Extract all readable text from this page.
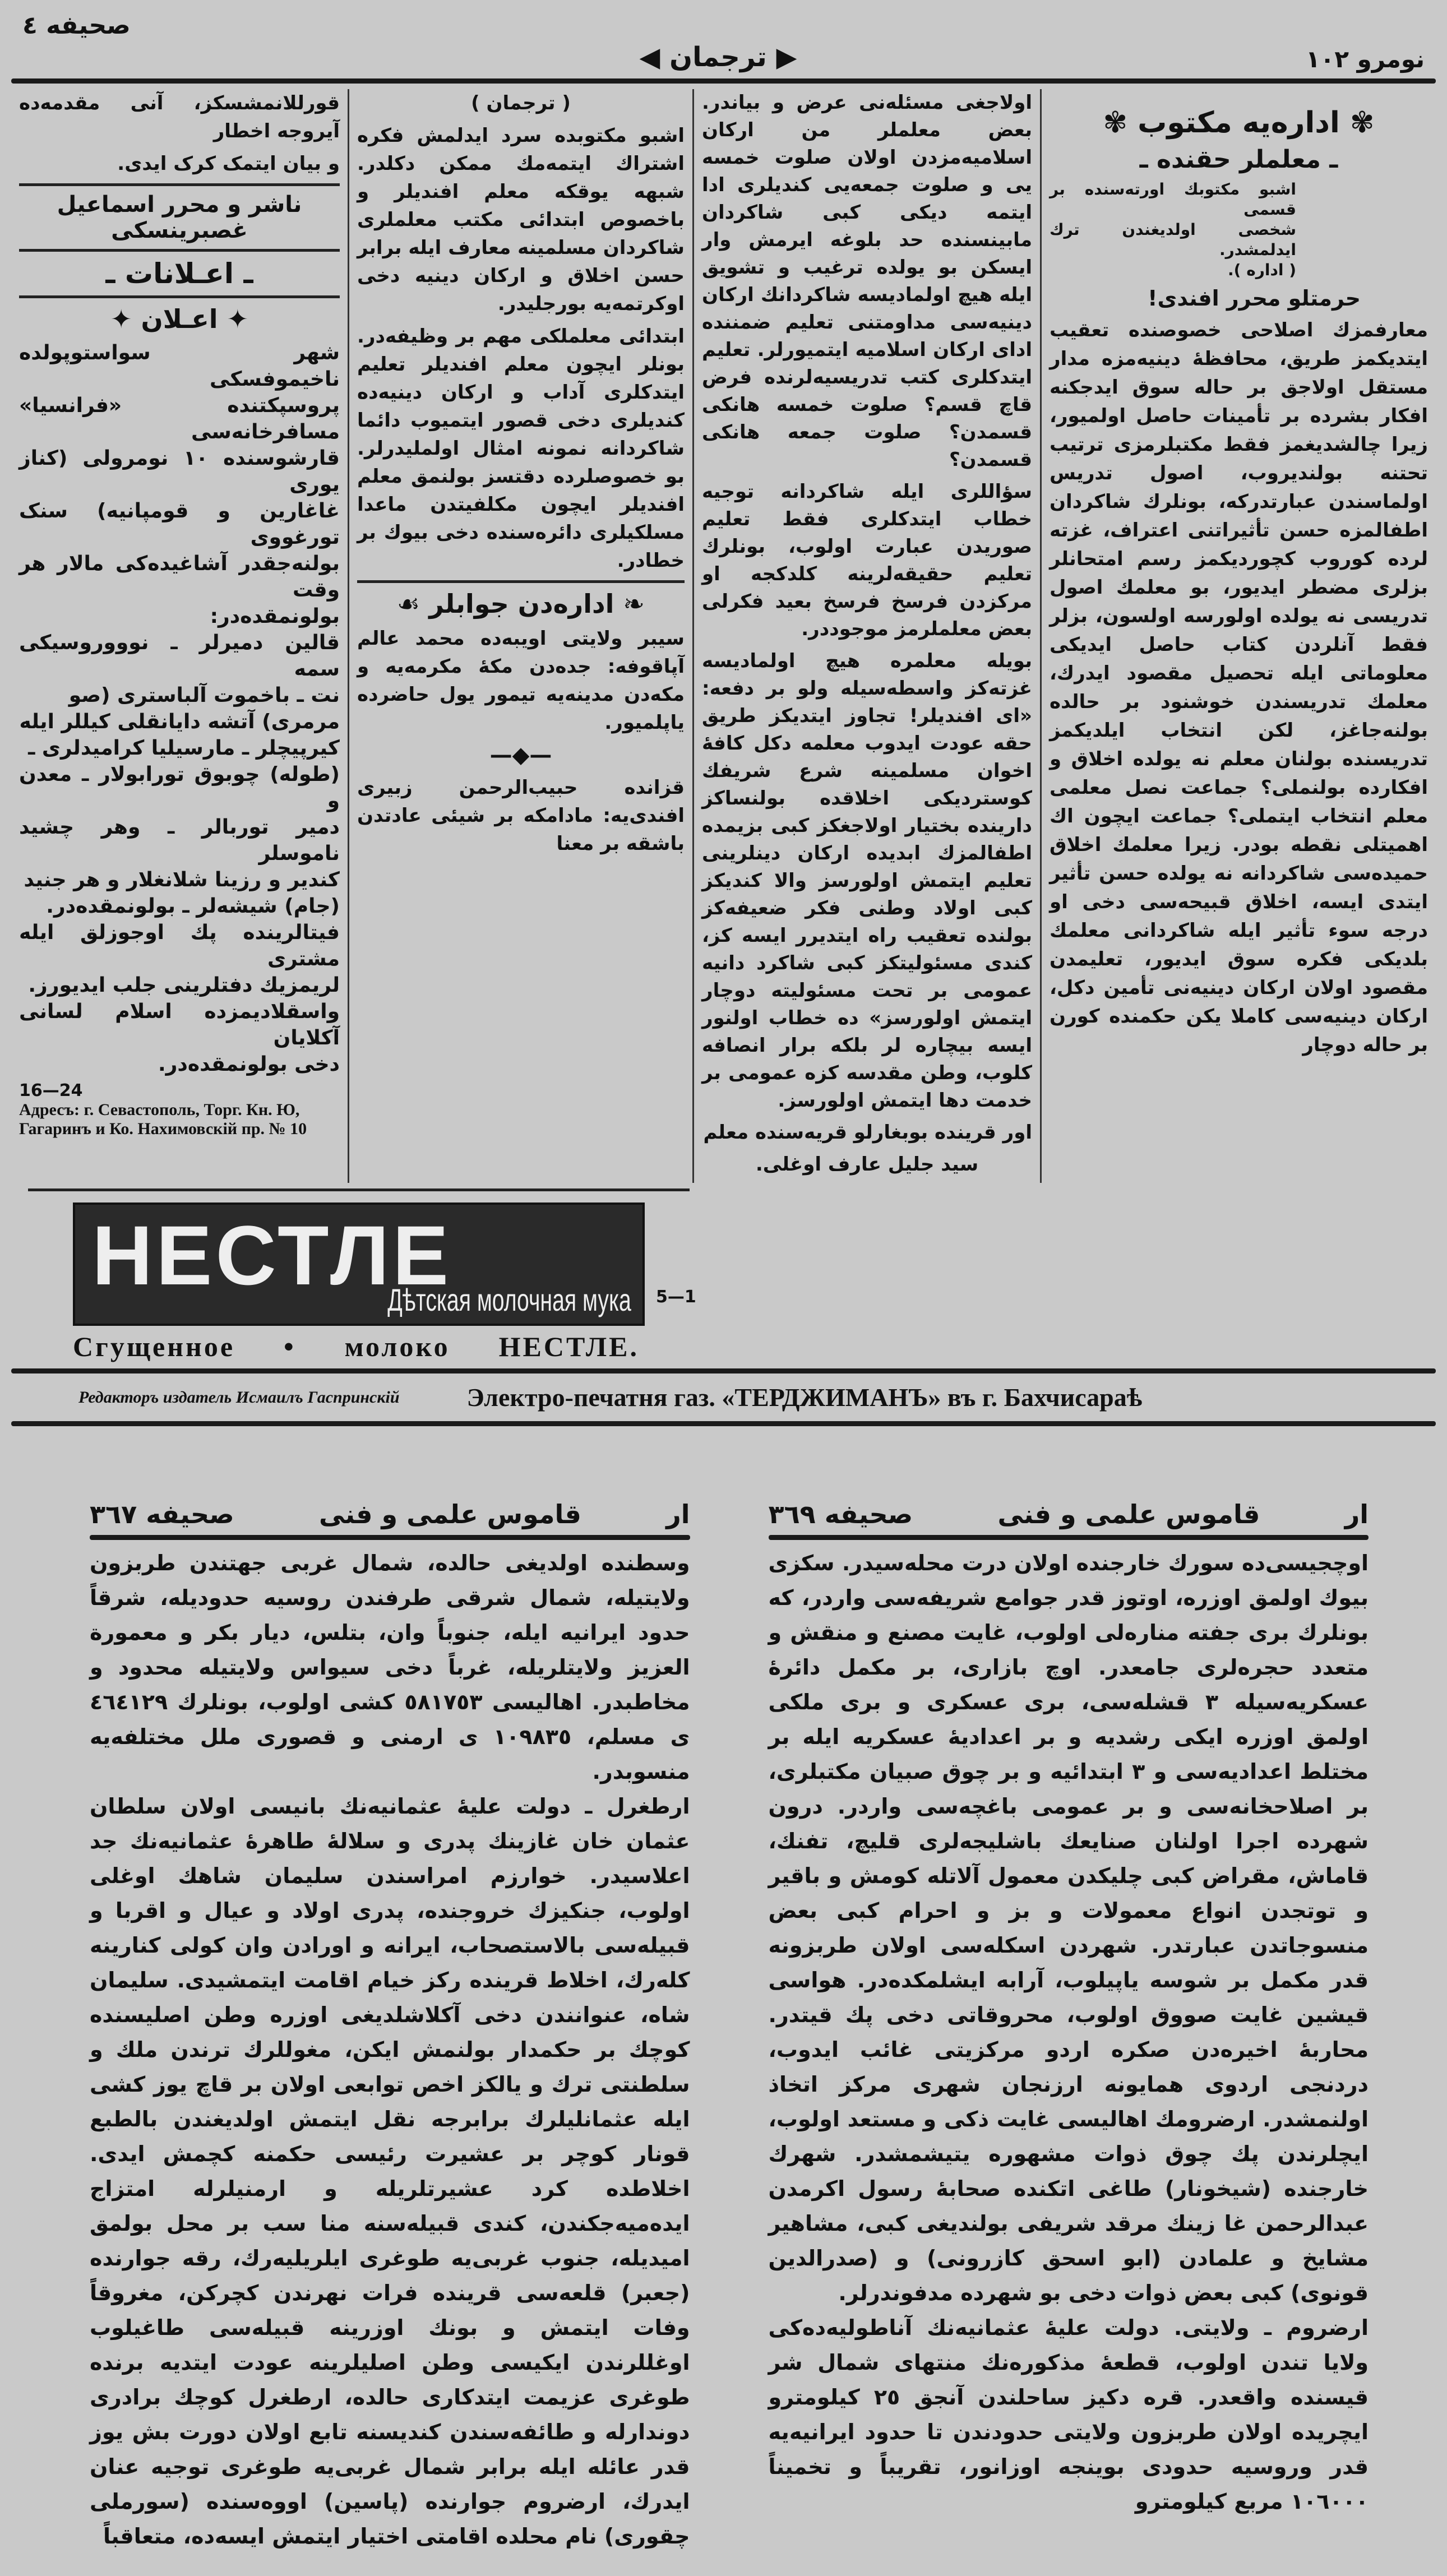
صحيفه ٤
◀ ترجمان ▶	نومرو ١٠٢

قورللانمشسکز، آنی مقدمه‌ده آیروجه اخطار

و بیان ایتمک کرک ایدی.

ناشر و محرر اسماعیل غصبرینسکی
ـ اعـلانات ـ
✦ اعـلان ✦

شهر سواستوپولده ناخیموفسکی

پروسپکتنده «فرانسیا» مسافرخانه‌سی

قارشوسنده ١٠ نومرولی (کناز یوری

غاغارین و قومپانیه) سنک تورغووی

بولنه‌جقدر آشاغیده‌کی مالار هر وقت

بولونمقده‌در:

قالین دمیرلر ـ نوووروسیکی سمه

نت ـ باخموت آلباستری (صو

مرمری) آتشه دایانقلی کیللر ایله

کیرپیچلر ـ مارسیلیا کرامیدلری ـ

(طوله) چوبوق تورابولار ـ معدن و

دمیر توربالر ـ وهر چشید ناموسلر

کندیر و رزینا شلانغلار و هر جنید

(جام) شیشه‌لر ـ بولونمقده‌در.

فیتالرینده پك اوجوزلق ایله مشتری

لریمزیك دفتلرینی جلب ایدیورز.

واسقلادیمزده اسلام لسانی آکلایان

دخی بولونمقده‌در.

16—24
Адресъ: г. Севастополь, Торг. Кн. Ю,
Гагаринъ и Ко. Нахимовскій пр. № 10

( ترجمان )

اشبو مکتوبده سرد ایدلمش فکره اشتراك ایتمه‌مك ممکن دکلدر. شبهه یوقکه معلم افندیلر و باخصوص ابتدائی مکتب معلملری شاکردان مسلمینه معارف ایله برابر حسن اخلاق و ارکان دینیه دخی اوکرتمه‌یه بورجلیدر.

ابتدائی معلملکی مهم بر وظیفه‌در. بونلر ایچون معلم افندیلر تعلیم ایتدکلری آداب و ارکان دینیه‌ده کندیلری دخی قصور ایتمیوب دائما شاکردانه نمونه امثال اولملیدرلر. بو خصوصلرده دقتسز بولنمق معلم افندیلر ایچون مکلفیتدن ماعدا مسلکیلری دائره‌سنده دخی بیوك بر خطادر.

❧ اداره‌دن جوابلر ☙

سیبر ولایتی اویبه‌ده محمد عالم آپاقوفه: جده‌دن مکهٔ مکرمه‌یه و مکه‌دن مدینه‌یه تیمور یول حاضرده یاپلمیور.

—◆—

قزانده حبیب‌الرحمن زبیری افندی‌یه: مادامکه بر شیئی عادتدن باشقه بر معنا

اولاجغی مسئله‌نی عرض و بیاندر. بعض معلملر من ارکان اسلامیه‌مزدن اولان صلوت خمسه یی و صلوت جمعه‌یی کندیلری ادا ایتمه دیکی کبی شاکردان مابینسنده حد بلوغه ایرمش وار ایسکن بو یولده ترغیب و تشویق ایله هیچ اولمادیسه شاکردانك ارکان دینیه‌سی مداومتنی تعلیم ضمننده ادای ارکان اسلامیه ایتمیورلر. تعلیم ایتدکلری کتب تدریسیه‌لرنده فرض قاچ قسم؟ صلوت خمسه هانکی قسمدن؟ صلوت جمعه هانکی قسمدن؟

سؤاللری ایله شاکردانه توجیه خطاب ایتدکلری فقط تعلیم صوریدن عبارت اولوب، بونلرك تعلیم حقیقه‌لرینه کلدکجه او مرکزدن فرسخ فرسخ بعید فکرلی بعض معلملرمز موجوددر.

بویله معلمره هیچ اولمادیسه غزته‌کز واسطه‌سیله ولو بر دفعه: «ای افندیلر! تجاوز ایتدیکز طریق حقه عودت ایدوب معلمه دکل کافهٔ اخوان مسلمینه شرع شریفك کوستردیکی اخلاقده بولنساکز دارینده بختیار اولاجغکز کبی بزیمده اطفالمزك ابدیده ارکان دینلرینی تعلیم ایتمش اولورسز والا کندیکز کبی اولاد وطنی فکر ضعیفه‌کز بولنده تعقیب راه ایتدیرر ایسه کز، کندی مسئولیتکز کبی شاکرد دانیه عمومی بر تحت مسئولیته دوچار ایتمش اولورسز» ده خطاب اولنور ایسه بیچاره لر بلکه برار انصافه کلوب، وطن مقدسه کزه عمومی بر خدمت دها ایتمش اولورسز.

اور قرینده بوبغارلو قریه‌سنده معلم

سید جلیل عارف اوغلی.

✾ اداره‌یه مکتوب ✾
ـ معلملر حقنده ـ

اشبو مکتوبك اورته‌سنده بر قسمی

شخصی اولدیغندن ترك ایدلمشدر.

( اداره ).

حرمتلو محرر افندی!

معارفمزك اصلاحی خصوصنده تعقیب ایتدیکمز طریق، محافظهٔ دینیه‌مزه مدار مستقل اولاجق بر حاله سوق ایدجکنه افکار بشرده بر تأمینات حاصل اولمیور، زیرا چالشدیغمز فقط مکتبلرمزی ترتیب تحتنه بولندیروب، اصول تدریس اولماسندن عبارتدرکه، بونلرك شاکردان اطفالمزه حسن تأثیراتنی اعتراف، غزته لرده کوروب کچوردیکمز رسم امتحانلر بزلری مضطر ایدیور، بو معلمك اصول تدریسی نه یولده اولورسه اولسون، بزلر فقط آنلردن کتاب حاصل ایدیکی معلوماتی ایله تحصیل مقصود ایدرك، معلمك تدریسندن خوشنود بر حالده بولنه‌جاغز، لکن انتخاب ایلدیکمز تدریسنده بولنان معلم نه یولده اخلاق و افکارده بولنملی؟ جماعت نصل معلمی معلم انتخاب ایتملی؟ جماعت ایچون اك اهمیتلی نقطه بودر. زیرا معلمك اخلاق حمیده‌سی شاکردانه نه یولده حسن تأثیر ایتدی ایسه، اخلاق قبیحه‌سی دخی او درجه سوء تأثیر ایله شاکردانی معلمك بلدیکی فکره سوق ایدیور، تعلیمدن مقصود اولان ارکان دینیه‌نی تأمین دکل، ارکان دینیه‌سی کاملا یکن حکمنده کورن بر حاله دوچار

НЕСТЛЕ
Дѣтская молочная мука
Сгущенное • молоко НЕСТЛЕ.
5—1
Редакторъ издатель Исмаилъ Гаспринскій	Электро-печатня газ. «ТЕРДЖИМАНЪ» въ г. Бахчисараѣ
ار
قاموس علمی و فنی
صحیفه ٣٦٧

وسطنده اولدیغی حالده، شمال غربی جهتندن طربزون ولایتیله، شمال شرقی طرفندن روسیه حدودیله، شرقاً حدود ایرانیه ایله، جنوباً وان، بتلس، دیار بکر و معمورة العزیز ولایتلریله، غرباً دخی سیواس ولایتیله محدود و مخاطبدر. اهالیسی ٥٨١٧٥٣ کشی اولوب، بونلرك ٤٦٤١٢٩ ی مسلم، ١٠٩٨٣٥ ی ارمنی و قصوری ملل مختلفه‌یه منسوبدر.

ارطغرل ـ دولت علیهٔ عثمانیه‌نك بانیسی اولان سلطان عثمان خان غازینك پدری و سلالهٔ طاهرهٔ عثمانیه‌نك جد اعلاسیدر. خوارزم امراسندن سلیمان شاهك اوغلی اولوب، جنکیزك خروجنده، پدری اولاد و عیال و اقربا و قبیله‌سی بالاستصحاب، ایرانه و اورادن وان کولی کنارینه کلەرك، اخلاط قرینده ركز خیام اقامت ایتمشیدی. سلیمان شاه، عنوانندن دخی آکلاشلدیغی اوزره وطن اصلیسنده کوچك بر حکمدار بولنمش ایکن، مغوللرك ترندن ملك و سلطنتی ترك و یالکز اخص توابعی اولان بر قاچ یوز کشی ایله عثمانلیلرك برابرجه نقل ایتمش اولدیغندن بالطبع قونار کوچر بر عشیرت رئیسی حکمنه کچمش ایدی. اخلاطده کرد عشیرتلریله و ارمنیلرله امتزاج ایده‌میه‌جکندن، کندی قبیله‌سنه منا سب بر محل بولمق امیدیله، جنوب غربی‌یه طوغری ایلریلیه‌رك، رقه جوارنده (جعبر) قلعه‌سی قرینده فرات نهرندن کچرکن، مغروقاً وفات ایتمش و بونك اوزرینه قبیله‌سی طاغیلوب اوغللرندن ایکیسی وطن اصلیلرینه عودت ایتدیه برنده طوغری عزیمت ایتدکاری حالده، ارطغرل کوچك برادری دوندارله و طائفه‌سندن کندیسنه تابع اولان دورت بش یوز قدر عائله ایله برابر شمال غربی‌یه طوغری توجیه عنان ایدرك، ارضروم جوارنده (پاسین) اووه‌سنده (سورملی چقوری) نام محلده اقامتی اختیار ایتمش ایسه‌ده، متعاقباً

ار
قاموس علمی و فنی
صحیفه ٣٦٩

اوچجیسی‌ده سورك خارجنده اولان درت محله‌سیدر. سکزی بیوك اولمق اوزره، اوتوز قدر جوامع شریفه‌سی واردر، که بونلرك بری جفته منارەلی اولوب، غایت مصنع و منقش و متعدد حجره‌لری جامعدر. اوچ بازاری، بر مکمل دائرهٔ عسکریه‌سیله ٣ قشله‌سی، بری عسکری و بری ملکی اولمق اوزره ایکی رشدیه و بر اعدادیهٔ عسکریه ایله بر مختلط اعدادیه‌سی و ٣ ابتدائیه و بر چوق صبیان مکتبلری، بر اصلاحخانه‌سی و بر عمومی باغچه‌سی واردر. درون شهرده اجرا اولنان صنایعك باشلیجه‌لری قلیچ، تفنك، قاماش، مقراض کبی چلیکدن معمول آلاتله کومش و باقیر و توتجدن انواع معمولات و بز و احرام کبی بعض منسوجاتدن عبارتدر. شهردن اسکله‌سی اولان طربزونه قدر مکمل بر شوسه یاپیلوب، آرابه ایشلمکده‌در. هواسی قیشین غایت صووق اولوب، محروقاتی دخی پك قیتدر. محاربهٔ اخیره‌دن صکره اردو مرکزیتی غائب ایدوب، دردنجی اردوی همایونه ارزنجان شهری مرکز اتخاذ اولنمشدر. ارضرومك اهالیسی غایت ذکی و مستعد اولوب، ایچلرندن پك چوق ذوات مشهوره یتیشمشدر. شهرك خارجنده (شیخونار) طاغی اتکنده صحابهٔ رسول اکرمدن عبدالرحمن غا زینك مرقد شریفی بولندیغی کبی، مشاهیر مشایخ و علمادن (ابو اسحق کازرونی) و (صدرالدین قونوی) کبی بعض ذوات دخی بو شهرده مدفوندرلر.

ارضروم ـ ولایتی. دولت علیهٔ عثمانیه‌نك آناطولیه‌ده‌کی ولایا تندن اولوب، قطعهٔ مذکوره‌نك منتهای شمال شر قیسنده واقعدر. قره دکیز ساحلندن آنجق ٢٥ کیلومترو ایچریده اولان طربزون ولایتی حدودندن تا حدود ایرانیه‌یه قدر وروسیه حدودی بوینجه اوزانور، تقریباً و تخمیناً ١٠٦٠٠٠ مربع کیلومترو
